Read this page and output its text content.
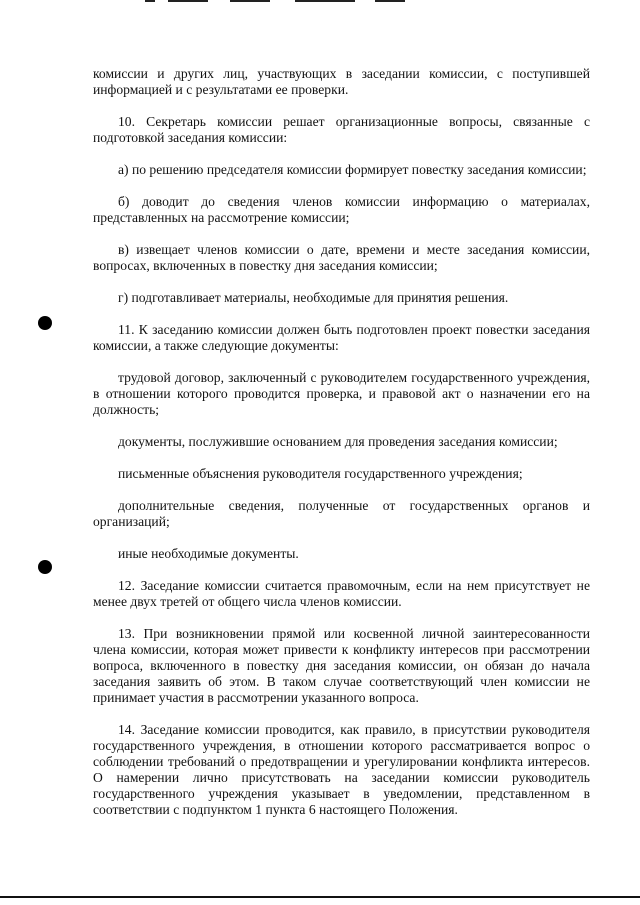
комиссии и других лиц, участвующих в заседании комиссии, с поступившей информацией и с результатами ее проверки.

10. Секретарь комиссии решает организационные вопросы, связанные с подготовкой заседания комиссии:

а) по решению председателя комиссии формирует повестку заседания комиссии;

б) доводит до сведения членов комиссии информацию о материалах, представленных на рассмотрение комиссии;

в) извещает членов комиссии о дате, времени и месте заседания комиссии, вопросах, включенных в повестку дня заседания комиссии;

г) подготавливает материалы, необходимые для принятия решения.

11. К заседанию комиссии должен быть подготовлен проект повестки заседания комиссии, а также следующие документы:

трудовой договор, заключенный с руководителем государственного учреждения, в отношении которого проводится проверка, и правовой акт о назначении его на должность;

документы, послужившие основанием для проведения заседания комиссии;

письменные объяснения руководителя государственного учреждения;

дополнительные сведения, полученные от государственных органов и организаций;

иные необходимые документы.

12. Заседание комиссии считается правомочным, если на нем присутствует не менее двух третей от общего числа членов комиссии.

13. При возникновении прямой или косвенной личной заинтересованности члена комиссии, которая может привести к конфликту интересов при рассмотрении вопроса, включенного в повестку дня заседания комиссии, он обязан до начала заседания заявить об этом. В таком случае соответствующий член комиссии не принимает участия в рассмотрении указанного вопроса.

14. Заседание комиссии проводится, как правило, в присутствии руководителя государственного учреждения, в отношении которого рассматривается вопрос о соблюдении требований о предотвращении и урегулировании конфликта интересов. О намерении лично присутствовать на заседании комиссии руководитель государственного учреждения указывает в уведомлении, представленном в соответствии с подпунктом 1 пункта 6 настоящего Положения.
